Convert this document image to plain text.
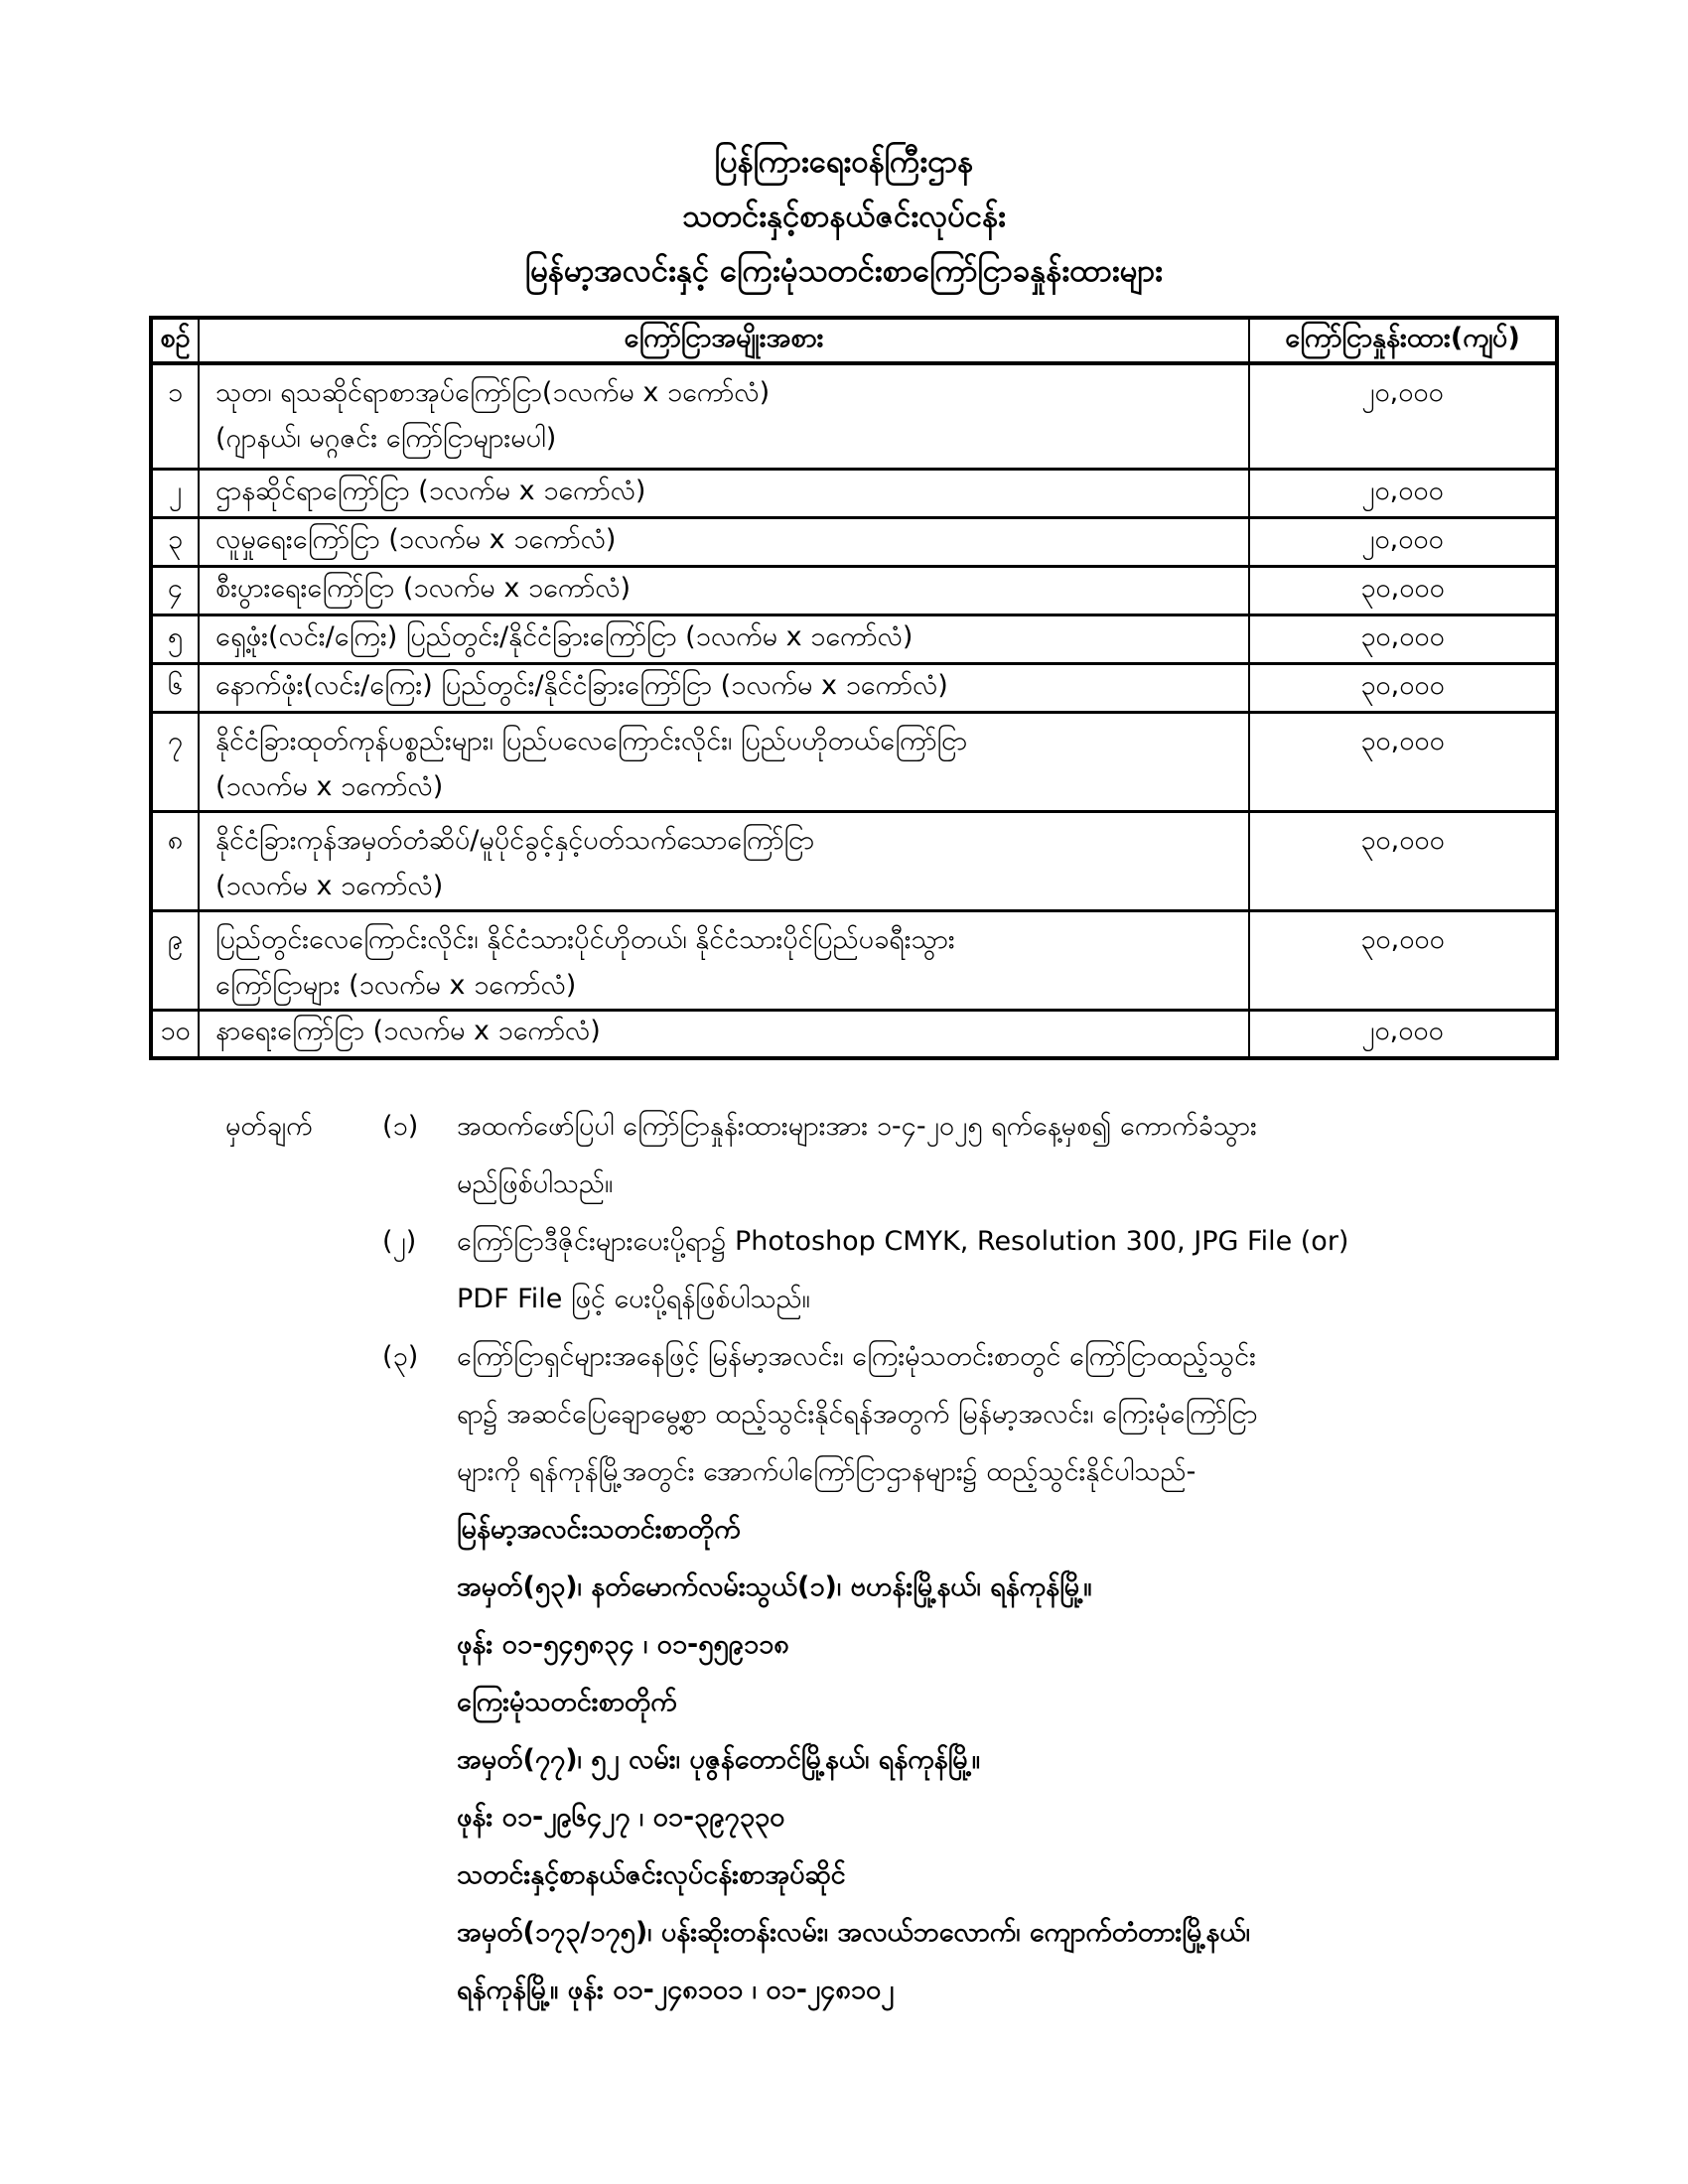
ပြန်ကြားရေးဝန်ကြီးဌာန
သတင်းနှင့်စာနယ်ဇင်းလုပ်ငန်း
မြန်မာ့အလင်းနှင့် ကြေးမုံသတင်းစာကြော်ငြာခနှုန်းထားများ
စဉ်	ကြော်ငြာအမျိုးအစား	ကြော်ငြာနှုန်းထား(ကျပ်)

၁	သုတ၊ ရသဆိုင်ရာစာအုပ်ကြော်ငြာ(၁လက်မ x ၁ကော်လံ)
(ဂျာနယ်၊ မဂ္ဂဇင်း ကြော်ငြာများမပါ)	၂၀,၀၀၀

၂	ဌာနဆိုင်ရာကြော်ငြာ (၁လက်မ x ၁ကော်လံ)	၂၀,၀၀၀
၃	လူမှုရေးကြော်ငြာ (၁လက်မ x ၁ကော်လံ)	၂၀,၀၀၀
၄	စီးပွားရေးကြော်ငြာ (၁လက်မ x ၁ကော်လံ)	၃၀,၀၀၀
၅	ရှေ့ဖုံး(လင်း/ကြေး) ပြည်တွင်း/နိုင်ငံခြားကြော်ငြာ (၁လက်မ x ၁ကော်လံ)	၃၀,၀၀၀
၆	နောက်ဖုံး(လင်း/ကြေး) ပြည်တွင်း/နိုင်ငံခြားကြော်ငြာ (၁လက်မ x ၁ကော်လံ)	၃၀,၀၀၀

၇	နိုင်ငံခြားထုတ်ကုန်ပစ္စည်းများ၊ ပြည်ပလေကြောင်းလိုင်း၊ ပြည်ပဟိုတယ်ကြော်ငြာ
(၁လက်မ x ၁ကော်လံ)	၃၀,၀၀၀

၈	နိုင်ငံခြားကုန်အမှတ်တံဆိပ်/မူပိုင်ခွင့်နှင့်ပတ်သက်သောကြော်ငြာ
(၁လက်မ x ၁ကော်လံ)	၃၀,၀၀၀

၉	ပြည်တွင်းလေကြောင်းလိုင်း၊ နိုင်ငံသားပိုင်ဟိုတယ်၊ နိုင်ငံသားပိုင်ပြည်ပခရီးသွား
ကြော်ငြာများ (၁လက်မ x ၁ကော်လံ)	၃၀,၀၀၀

၁၀	နာရေးကြော်ငြာ (၁လက်မ x ၁ကော်လံ)	၂၀,၀၀၀
မှတ်ချက်	(၁)	အထက်ဖော်ပြပါ ကြော်ငြာနှုန်းထားများအား ၁-၄-၂၀၂၅ ရက်နေ့မှစ၍ ကောက်ခံသွား
မည်ဖြစ်ပါသည်။
(၂)	ကြော်ငြာဒီဇိုင်းများပေးပို့ရာ၌ Photoshop CMYK, Resolution 300, JPG File (or)
PDF File ဖြင့် ပေးပို့ရန်ဖြစ်ပါသည်။
(၃)	ကြော်ငြာရှင်များအနေဖြင့် မြန်မာ့အလင်း၊ ကြေးမုံသတင်းစာတွင် ကြော်ငြာထည့်သွင်း
ရာ၌ အဆင်ပြေချောမွေ့စွာ ထည့်သွင်းနိုင်ရန်အတွက် မြန်မာ့အလင်း၊ ကြေးမုံကြော်ငြာ
များကို ရန်ကုန်မြို့အတွင်း အောက်ပါကြော်ငြာဌာနများ၌ ထည့်သွင်းနိုင်ပါသည်-
မြန်မာ့အလင်းသတင်းစာတိုက်
အမှတ်(၅၃)၊ နတ်မောက်လမ်းသွယ်(၁)၊ ဗဟန်းမြို့နယ်၊ ရန်ကုန်မြို့။
ဖုန်း ၀၁-၅၄၅၈၃၄ ၊ ၀၁-၅၅၉၁၁၈
ကြေးမုံသတင်းစာတိုက်
အမှတ်(၇၇)၊ ၅၂ လမ်း၊ ပုဇွန်တောင်မြို့နယ်၊ ရန်ကုန်မြို့။
ဖုန်း ၀၁-၂၉၆၄၂၇ ၊ ၀၁-၃၉၇၃၃၀
သတင်းနှင့်စာနယ်ဇင်းလုပ်ငန်းစာအုပ်ဆိုင်
အမှတ်(၁၇၃/၁၇၅)၊ ပန်းဆိုးတန်းလမ်း၊ အလယ်ဘလောက်၊ ကျောက်တံတားမြို့နယ်၊
ရန်ကုန်မြို့။ ဖုန်း ၀၁-၂၄၈၁၀၁ ၊ ၀၁-၂၄၈၁၀၂
